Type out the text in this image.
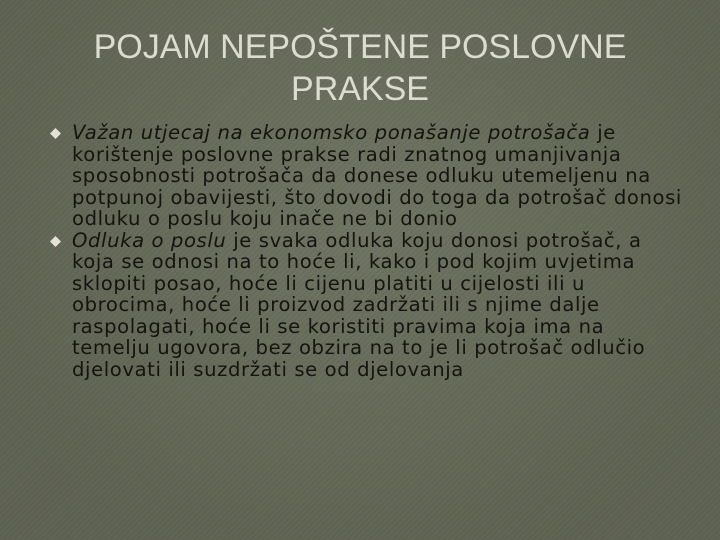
POJAM NEPOŠTENE POSLOVNE
PRAKSE
Važan utjecaj na ekonomsko ponašanje potrošača je korištenje poslovne prakse radi znatnog umanjivanja sposobnosti potrošača da donese odluku utemeljenu na potpunoj obavijesti, što dovodi do toga da potrošač donosi odluku o poslu koju inače ne bi donio
Odluka o poslu je svaka odluka koju donosi potrošač, a koja se odnosi na to hoće li, kako i pod kojim uvjetima sklopiti posao, hoće li cijenu platiti u cijelosti ili u obrocima, hoće li proizvod zadržati ili s njime dalje raspolagati, hoće li se koristiti pravima koja ima na temelju ugovora, bez obzira na to je li potrošač odlučio djelovati ili suzdržati se od djelovanja
